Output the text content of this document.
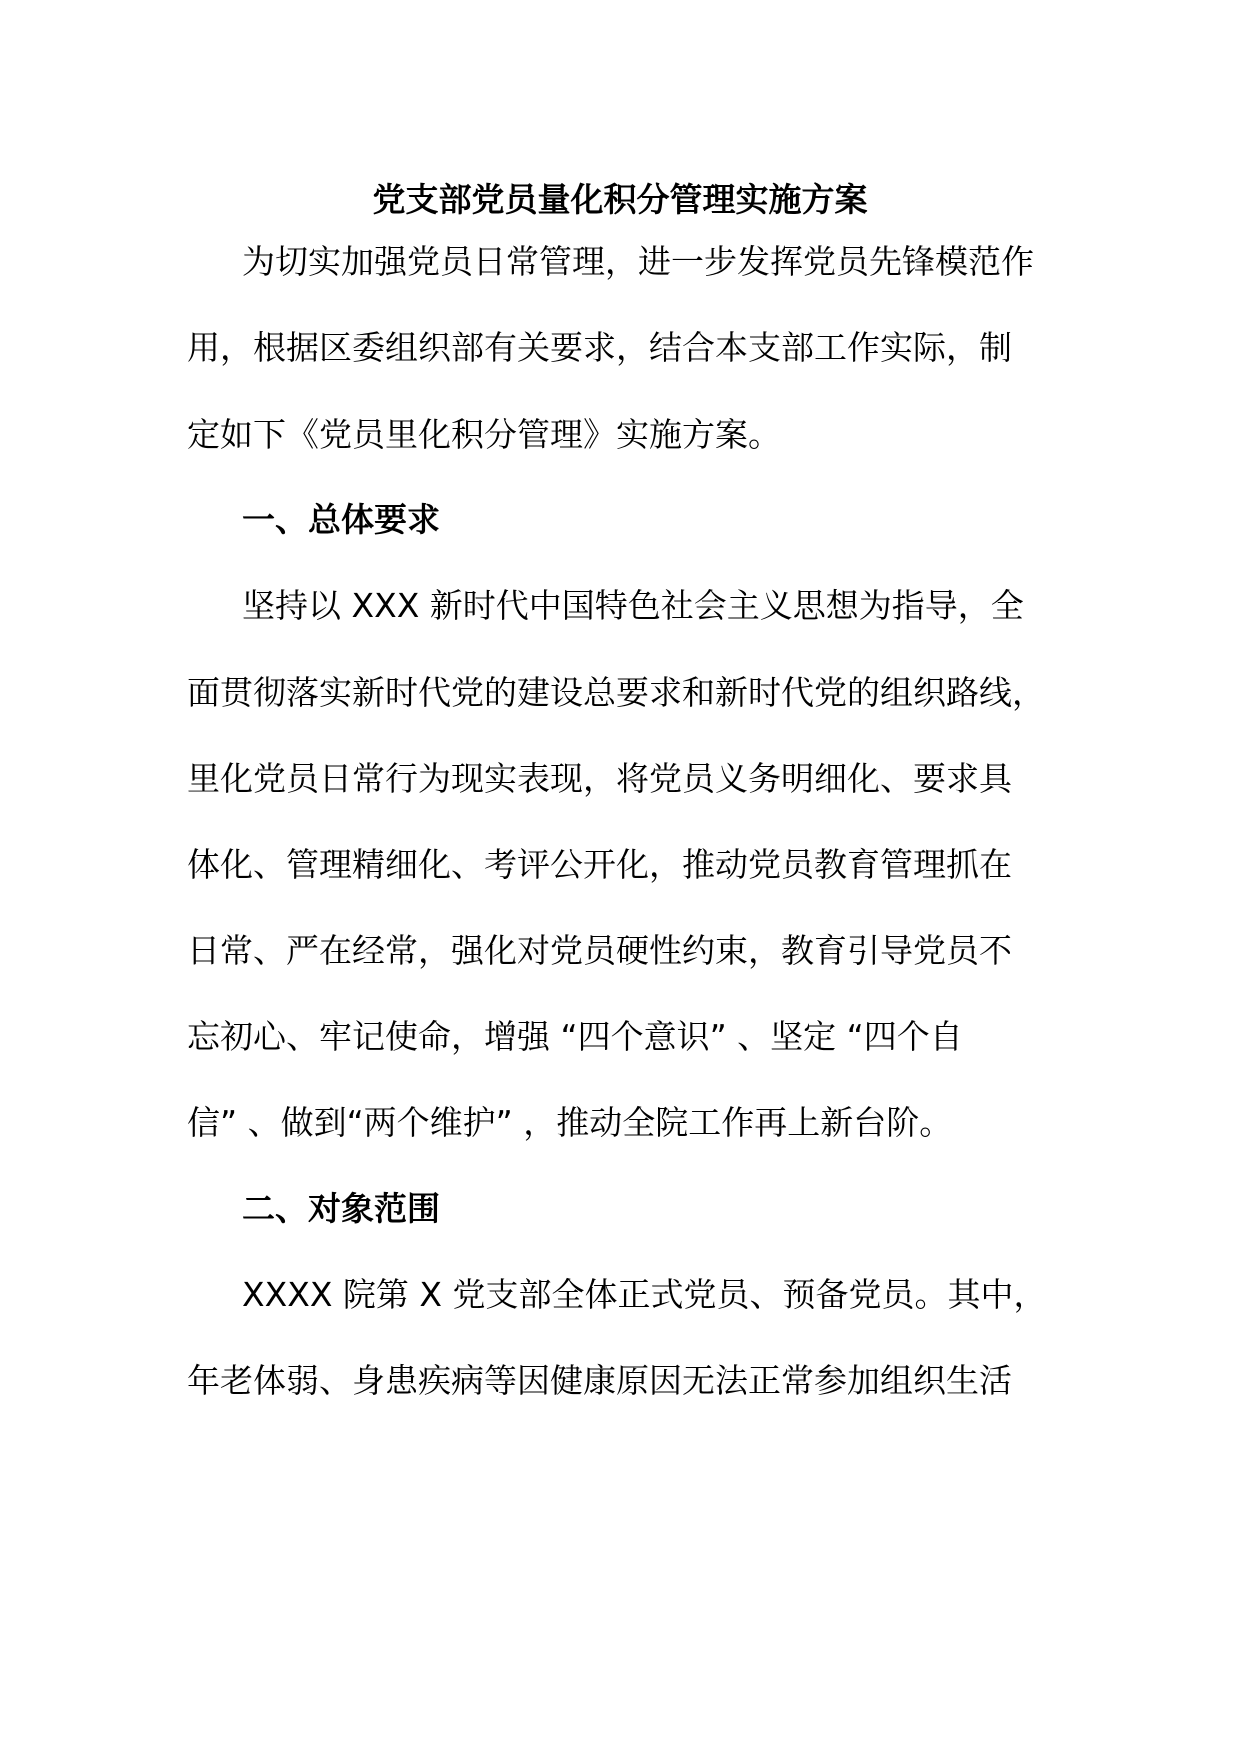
党支部党员量化积分管理实施方案
为切实加强党员日常管理，进一步发挥党员先锋模范作
用，根据区委组织部有关要求，结合本支部工作实际，制
定如下《党员里化积分管理》实施方案。
一、总体要求
坚持以 XXX 新时代中国特色社会主义思想为指导，全
面贯彻落实新时代党的建设总要求和新时代党的组织路线，
里化党员日常行为现实表现，将党员义务明细化、要求具
体化、管理精细化、考评公开化，推动党员教育管理抓在
日常、严在经常，强化对党员硬性约束，教育引导党员不
忘初心、牢记使命，增强 “四个意识” 、坚定 “四个自
信” 、做到“两个维护” ，推动全院工作再上新台阶。
二、对象范围
XXXX 院第 X 党支部全体正式党员、预备党员。其中，
年老体弱、身患疾病等因健康原因无法正常参加组织生活
